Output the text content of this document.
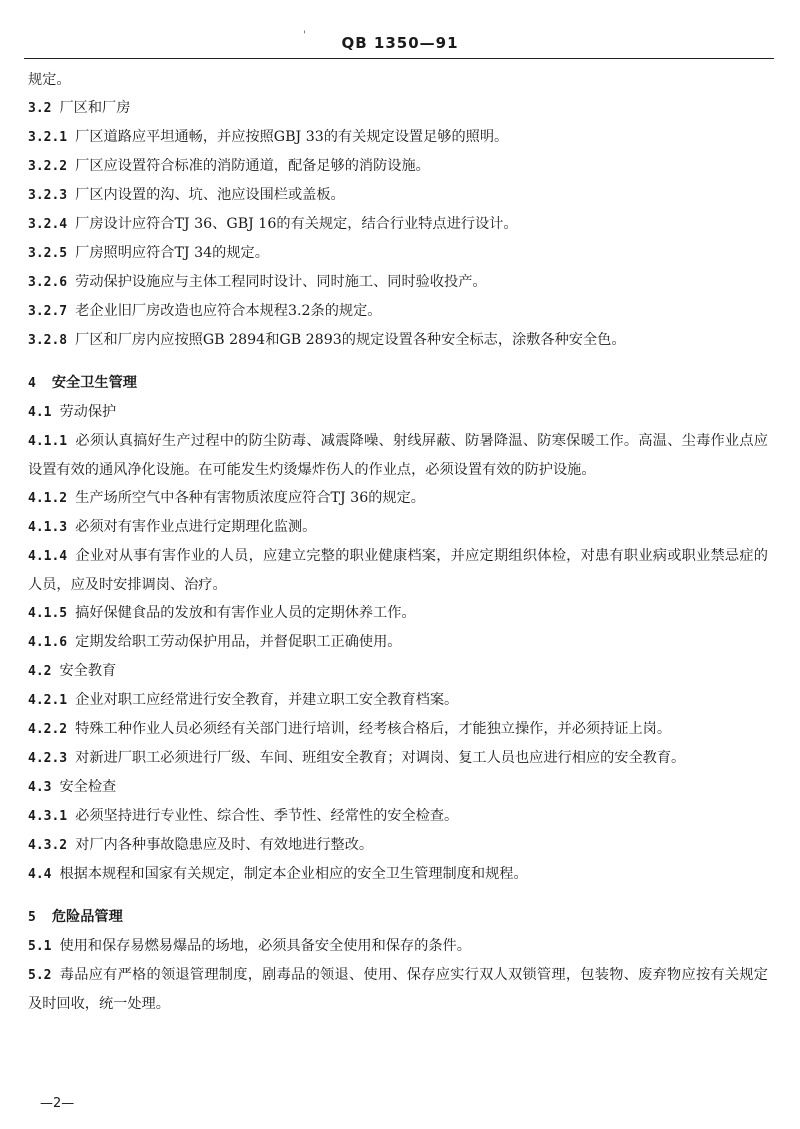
'	QB 1350—91
规定。
3.2 厂区和厂房
3.2.1 厂区道路应平坦通畅，并应按照GBJ 33的有关规定设置足够的照明。
3.2.2 厂区应设置符合标准的消防通道，配备足够的消防设施。
3.2.3 厂区内设置的沟、坑、池应设围栏或盖板。
3.2.4 厂房设计应符合TJ 36、GBJ 16的有关规定，结合行业特点进行设计。
3.2.5 厂房照明应符合TJ 34的规定。
3.2.6 劳动保护设施应与主体工程同时设计、同时施工、同时验收投产。
3.2.7 老企业旧厂房改造也应符合本规程3.2条的规定。
3.2.8 厂区和厂房内应按照GB 2894和GB 2893的规定设置各种安全标志，涂敷各种安全色。
4 安全卫生管理
4.1 劳动保护
4.1.1 必须认真搞好生产过程中的防尘防毒、减震降噪、射线屏蔽、防暑降温、防寒保暖工作。高温、尘毒作业点应设置有效的通风净化设施。在可能发生灼烫爆炸伤人的作业点，必须设置有效的防护设施。
4.1.2 生产场所空气中各种有害物质浓度应符合TJ 36的规定。
4.1.3 必须对有害作业点进行定期理化监测。
4.1.4 企业对从事有害作业的人员，应建立完整的职业健康档案，并应定期组织体检，对患有职业病或职业禁忌症的人员，应及时安排调岗、治疗。
4.1.5 搞好保健食品的发放和有害作业人员的定期休养工作。
4.1.6 定期发给职工劳动保护用品，并督促职工正确使用。
4.2 安全教育
4.2.1 企业对职工应经常进行安全教育，并建立职工安全教育档案。
4.2.2 特殊工种作业人员必须经有关部门进行培训，经考核合格后，才能独立操作，并必须持证上岗。
4.2.3 对新进厂职工必须进行厂级、车间、班组安全教育；对调岗、复工人员也应进行相应的安全教育。
4.3 安全检查
4.3.1 必须坚持进行专业性、综合性、季节性、经常性的安全检查。
4.3.2 对厂内各种事故隐患应及时、有效地进行整改。
4.4 根据本规程和国家有关规定，制定本企业相应的安全卫生管理制度和规程。
5 危险品管理
5.1 使用和保存易燃易爆品的场地，必须具备安全使用和保存的条件。
5.2 毒品应有严格的领退管理制度，剧毒品的领退、使用、保存应实行双人双锁管理，包装物、废弃物应按有关规定及时回收，统一处理。
—2—
